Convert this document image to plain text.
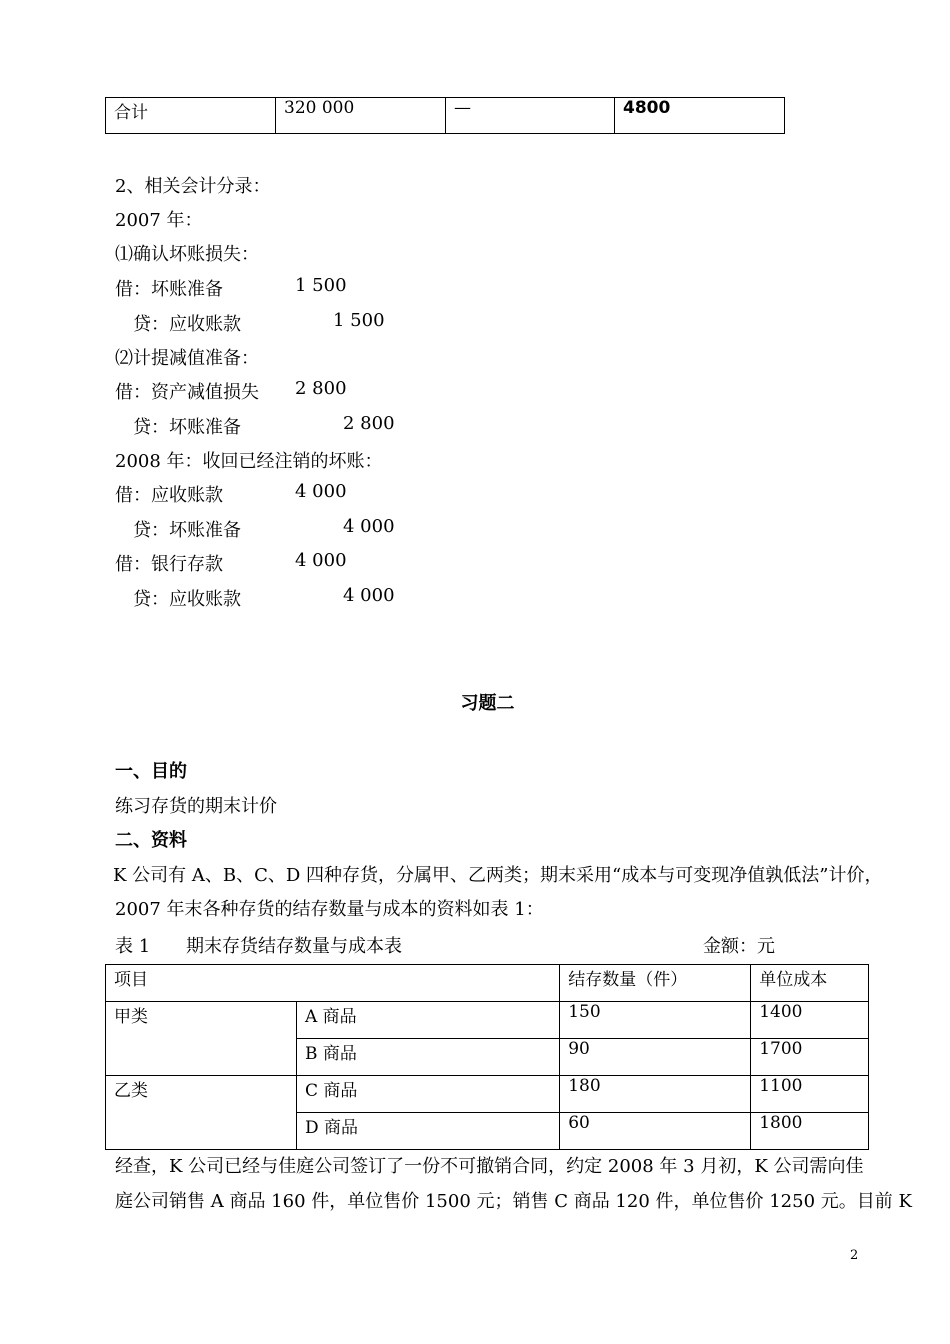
合计	320 000	—	4800
2、相关会计分录：
2007 年：
⑴确认坏账损失：
借：坏账准备	1 500
贷：应收账款	1 500
⑵计提减值准备：
借：资产减值损失 2 800
贷：坏账准备	2 800
2008 年：收回已经注销的坏账：
借：应收账款	4 000
贷：坏账准备	4 000
借：银行存款	4 000
贷：应收账款	4 000
习题二
一、目的
练习存货的期末计价
二、资料
K 公司有 A、B、C、D 四种存货，分属甲、乙两类；期末采用“成本与可变现净值孰低法”计价，
2007 年末各种存货的结存数量与成本的资料如表 1：
表 1 期末存货结存数量与成本表	金额：元
项目		结存数量（件）	单位成本
甲类	A 商品	150	1400
	B 商品	90	1700
乙类	C 商品	180	1100
	D 商品	60	1800
经查，K 公司已经与佳庭公司签订了一份不可撤销合同，约定 2008 年 3 月初，K 公司需向佳
庭公司销售 A 商品 160 件，单位售价 1500 元；销售 C 商品 120 件，单位售价 1250 元。目前 K
2
